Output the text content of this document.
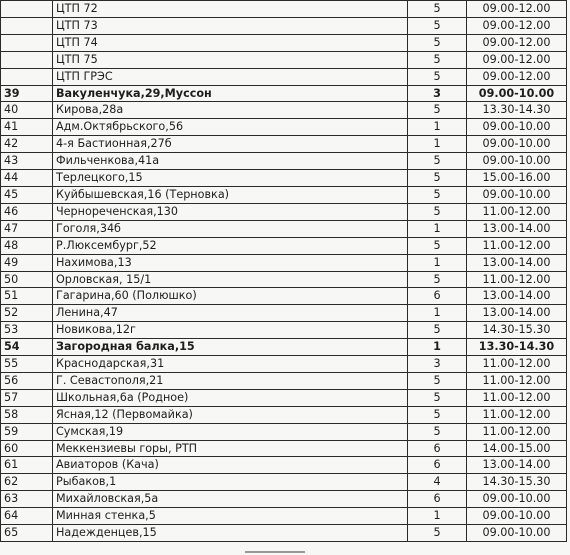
	ЦТП 72	5	09.00-12.00
	ЦТП 73	5	09.00-12.00
	ЦТП 74	5	09.00-12.00
	ЦТП 75	5	09.00-12.00
	ЦТП ГРЭС	5	09.00-12.00
39	Вакуленчука,29,Муссон	3	09.00-10.00
40	Кирова,28а	5	13.30-14.30
41	Адм.Октябрьского,56	1	09.00-10.00
42	4-я Бастионная,27б	1	09.00-10.00
43	Фильченкова,41а	5	09.00-10.00
44	Терлецкого,15	5	15.00-16.00
45	Куйбышевская,16 (Терновка)	5	09.00-10.00
46	Чернореченская,130	5	11.00-12.00
47	Гоголя,34б	1	13.00-14.00
48	Р.Люксембург,52	5	11.00-12.00
49	Нахимова,13	1	13.00-14.00
50	Орловская, 15/1	5	11.00-12.00
51	Гагарина,60 (Полюшко)	6	13.00-14.00
52	Ленина,47	1	13.00-14.00
53	Новикова,12г	5	14.30-15.30
54	Загородная балка,15	1	13.30-14.30
55	Краснодарская,31	3	11.00-12.00
56	Г. Севастополя,21	5	11.00-12.00
57	Школьная,6а (Родное)	5	11.00-12.00
58	Ясная,12 (Первомайка)	5	11.00-12.00
59	Сумская,19	5	11.00-12.00
60	Меккензиевы горы, РТП	6	14.00-15.00
61	Авиаторов (Кача)	6	13.00-14.00
62	Рыбаков,1	4	14.30-15.30
63	Михайловская,5а	6	09.00-10.00
64	Минная стенка,5	1	09.00-10.00
65	Надежденцев,15	5	09.00-10.00
